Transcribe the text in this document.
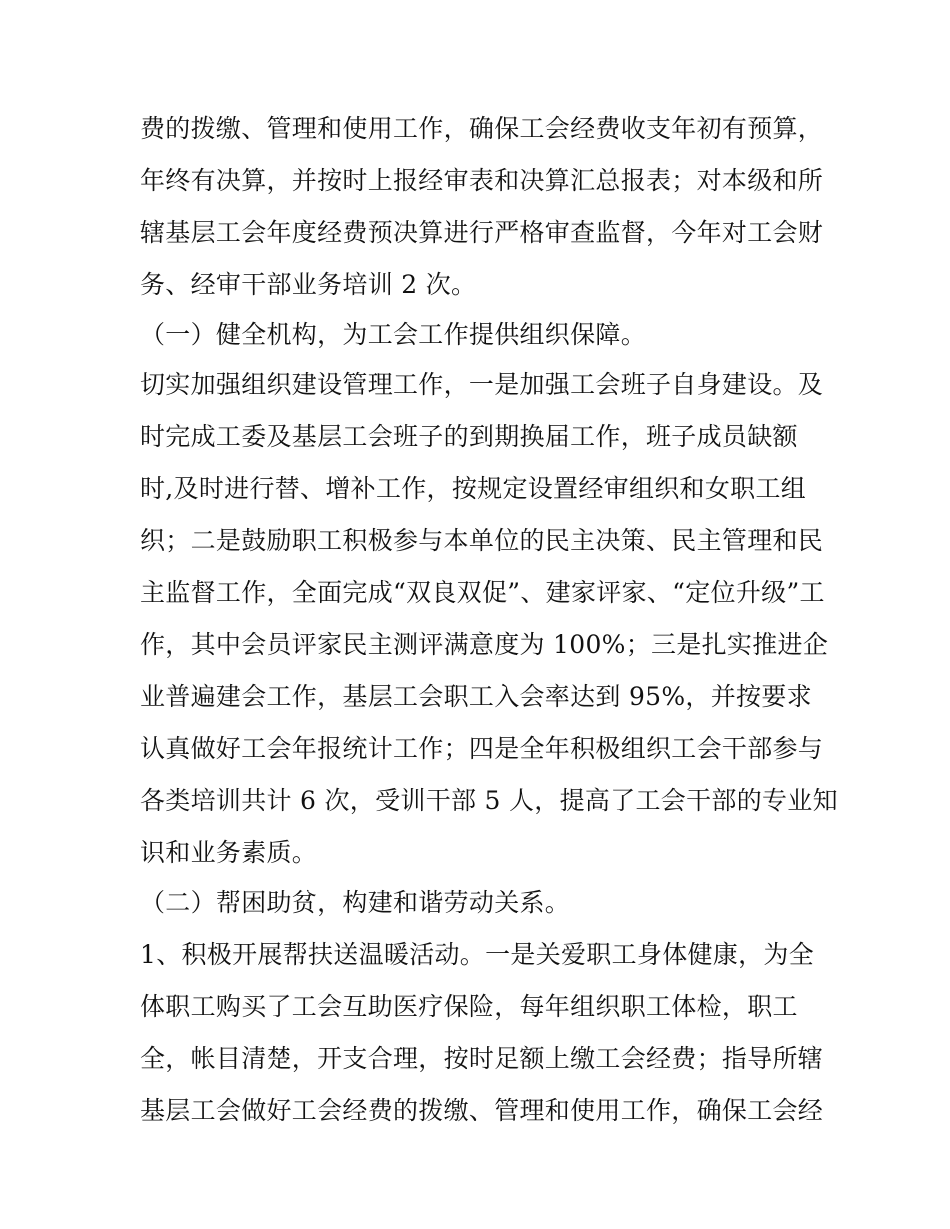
费的拨缴、管理和使用工作，确保工会经费收支年初有预算，
年终有决算，并按时上报经审表和决算汇总报表；对本级和所
辖基层工会年度经费预决算进行严格审查监督，今年对工会财
务、经审干部业务培训 2 次。
（一）健全机构，为工会工作提供组织保障。
切实加强组织建设管理工作，一是加强工会班子自身建设。及
时完成工委及基层工会班子的到期换届工作，班子成员缺额
时,及时进行替、增补工作，按规定设置经审组织和女职工组
织；二是鼓励职工积极参与本单位的民主决策、民主管理和民
主监督工作，全面完成“双良双促”、建家评家、“定位升级”工
作，其中会员评家民主测评满意度为 100%；三是扎实推进企
业普遍建会工作，基层工会职工入会率达到 95%，并按要求
认真做好工会年报统计工作；四是全年积极组织工会干部参与
各类培训共计 6 次，受训干部 5 人，提高了工会干部的专业知
识和业务素质。
（二）帮困助贫，构建和谐劳动关系。
1、积极开展帮扶送温暖活动。一是关爱职工身体健康，为全
体职工购买了工会互助医疗保险，每年组织职工体检，职工
全，帐目清楚，开支合理，按时足额上缴工会经费；指导所辖
基层工会做好工会经费的拨缴、管理和使用工作，确保工会经
